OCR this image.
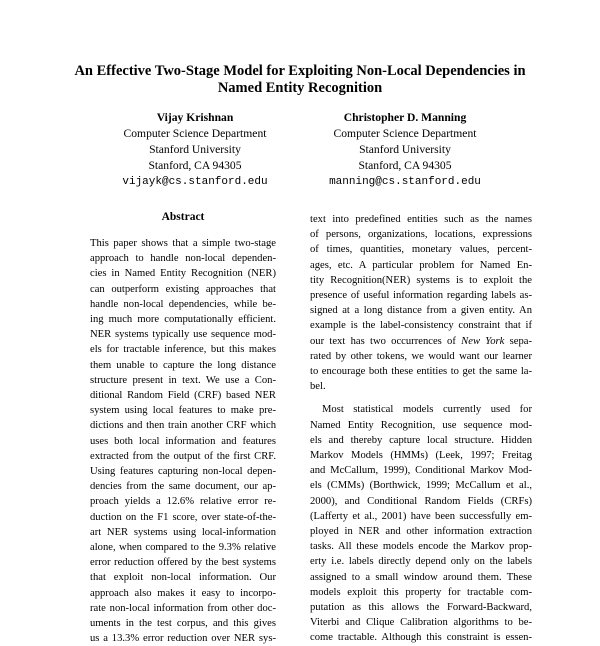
An Effective Two-Stage Model for Exploiting Non-Local Dependencies in
Named Entity Recognition
Vijay Krishnan
Computer Science Department
Stanford University
Stanford, CA 94305
vijayk@cs.stanford.edu
Christopher D. Manning
Computer Science Department
Stanford University
Stanford, CA 94305
manning@cs.stanford.edu
Abstract
This paper shows that a simple two-stage
approach to handle non-local dependen-
cies in Named Entity Recognition (NER)
can outperform existing approaches that
handle non-local dependencies, while be-
ing much more computationally efficient.
NER systems typically use sequence mod-
els for tractable inference, but this makes
them unable to capture the long distance
structure present in text. We use a Con-
ditional Random Field (CRF) based NER
system using local features to make pre-
dictions and then train another CRF which
uses both local information and features
extracted from the output of the first CRF.
Using features capturing non-local depen-
dencies from the same document, our ap-
proach yields a 12.6% relative error re-
duction on the F1 score, over state-of-the-
art NER systems using local-information
alone, when compared to the 9.3% relative
error reduction offered by the best systems
that exploit non-local information. Our
approach also makes it easy to incorpo-
rate non-local information from other doc-
uments in the test corpus, and this gives
us a 13.3% error reduction over NER sys-
text into predefined entities such as the names
of persons, organizations, locations, expressions
of times, quantities, monetary values, percent-
ages, etc. A particular problem for Named En-
tity Recognition(NER) systems is to exploit the
presence of useful information regarding labels as-
signed at a long distance from a given entity. An
example is the label-consistency constraint that if
our text has two occurrences of New York sepa-
rated by other tokens, we would want our learner
to encourage both these entities to get the same la-
bel.
Most statistical models currently used for
Named Entity Recognition, use sequence mod-
els and thereby capture local structure. Hidden
Markov Models (HMMs) (Leek, 1997; Freitag
and McCallum, 1999), Conditional Markov Mod-
els (CMMs) (Borthwick, 1999; McCallum et al.,
2000), and Conditional Random Fields (CRFs)
(Lafferty et al., 2001) have been successfully em-
ployed in NER and other information extraction
tasks. All these models encode the Markov prop-
erty i.e. labels directly depend only on the labels
assigned to a small window around them. These
models exploit this property for tractable com-
putation as this allows the Forward-Backward,
Viterbi and Clique Calibration algorithms to be-
come tractable. Although this constraint is essen-
